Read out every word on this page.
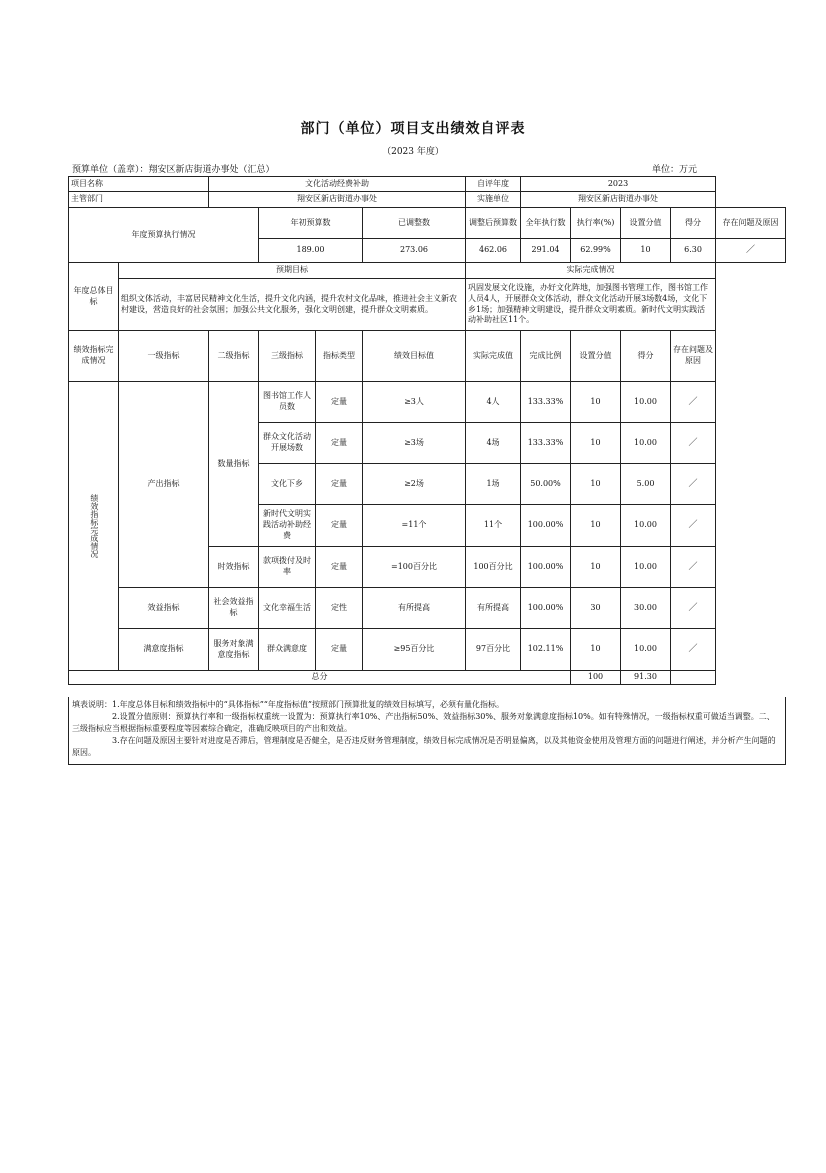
部门（单位）项目支出绩效自评表
（2023 年度）
预算单位（盖章）：翔安区新店街道办事处（汇总）	单位：万元
项目名称		文化活动经费补助				自评年度	2023				
主管部门		翔安区新店街道办事处				实施单位	翔安区新店街道办事处				
年度预算执行情况			年初预算数		已调整数	调整后预算数	全年执行数	执行率(%)	设置分值	得分	存在问题及原因
			189.00		273.06	462.06	291.04	62.99%	10	6.30	／
年度总体目标	预期目标					实际完成情况					
	组织文体活动，丰富居民精神文化生活，提升文化内涵，提升农村文化品味，推进社会主义新农村建设，营造良好的社会氛围；加强公共文化服务，强化文明创建，提升群众文明素质。					巩固发展文化设施，办好文化阵地，加强图书管理工作，图书馆工作人员4人，开展群众文体活动，群众文化活动开展3场数4场，文化下乡1场；加强精神文明建设，提升群众文明素质。新时代文明实践活动补助社区11个。					
绩效指标完成情况	一级指标	二级指标	三级指标	指标类型	绩效目标值	实际完成值	完成比例	设置分值	得分	存在问题及原因	
绩效指标完成情况	产出指标	数量指标	图书馆工作人员数	定量	≥3人	4人	133.33%	10	10.00	／	
			群众文化活动开展场数	定量	≥3场	4场	133.33%	10	10.00	／	
			文化下乡	定量	≥2场	1场	50.00%	10	5.00	／	
			新时代文明实践活动补助经费	定量	=11个	11个	100.00%	10	10.00	／	
		时效指标	款项拨付及时率	定量	=100百分比	100百分比	100.00%	10	10.00	／	
	效益指标	社会效益指标	文化幸福生活	定性	有所提高	有所提高	100.00%	30	30.00	／	
	满意度指标	服务对象满意度指标	群众满意度	定量	≥95百分比	97百分比	102.11%	10	10.00	／	
总分								100	91.30		

填表说明：1.年度总体目标和绩效指标中的“具体指标”“年度指标值”按照部门预算批复的绩效目标填写，必须有量化指标。

2.设置分值原则：预算执行率和一级指标权重统一设置为：预算执行率10%、产出指标50%、效益指标30%、服务对象满意度指标10%。如有特殊情况，一级指标权重可做适当调整。二、三级指标应当根据指标重要程度等因素综合确定，准确反映项目的产出和效益。

3.存在问题及原因主要针对进度是否滞后，管理制度是否健全，是否违反财务管理制度，绩效目标完成情况是否明显偏离，以及其他资金使用及管理方面的问题进行阐述，并分析产生问题的原因。
